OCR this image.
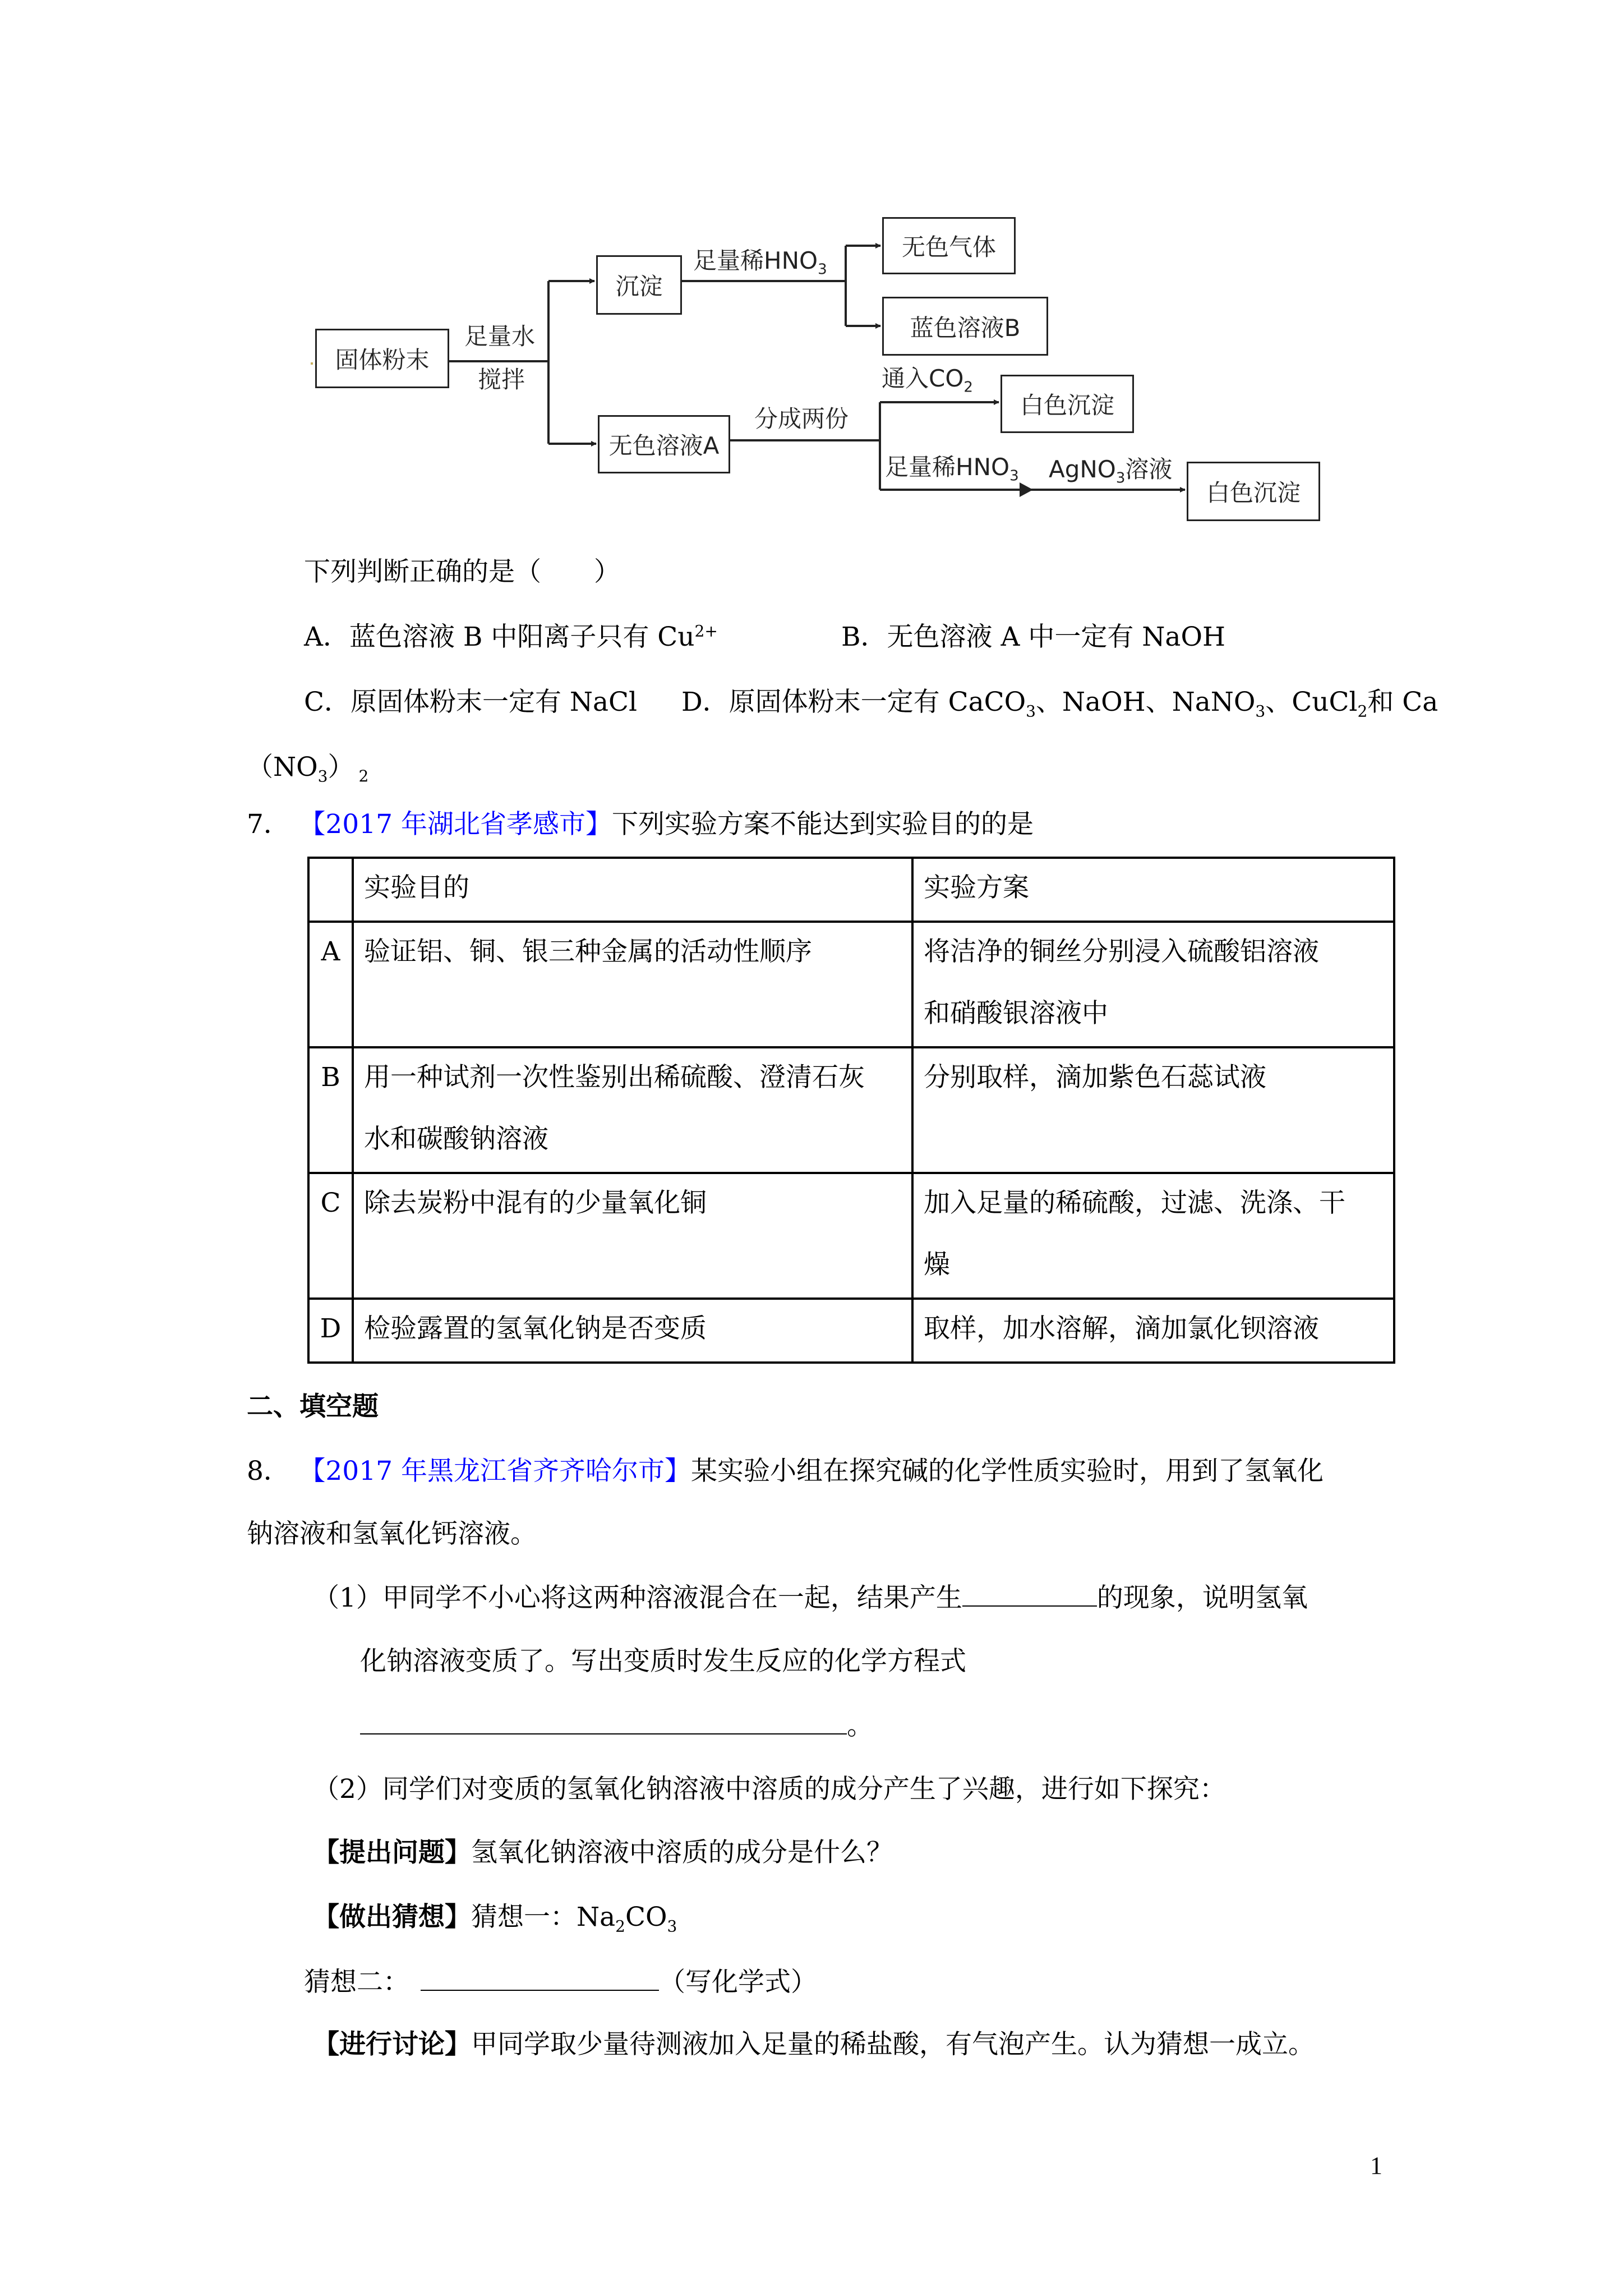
固体粉末
沉淀
无色溶液A
无色气体
蓝色溶液B
白色沉淀
白色沉淀
足量水
搅拌
足量稀$HNO_3$
分成两份
通入$CO_2$
足量稀$HNO_3$ AgNO$_3$溶液
下列判断正确的是（　　）
A．蓝色溶液 B 中阳离子只有 $Cu^{2+}$	B．无色溶液 A 中一定有 NaOH
C．原固体粉末一定有 NaCl D．原固体粉末一定有 CaCO$_3$、NaOH、NaNO$_3$、CuCl$_2$和 Ca
$(NO_3)$ $_2$
7． 【2017 年湖北省孝感市】下列实验方案不能达到实验目的的是

	实验目的	实验方案

A	验证铝、铜、银三种金属的活动性顺序	将洁净的铜丝分别浸入硫酸铝溶液
和硝酸银溶液中

B	用一种试剂一次性鉴别出稀硫酸、澄清石灰
水和碳酸钠溶液	分别取样，滴加紫色石蕊试液

C	除去炭粉中混有的少量氧化铜	加入足量的稀硫酸，过滤、洗涤、干
燥

D	检验露置的氢氧化钠是否变质	取样，加水溶解，滴加氯化钡溶液
二、填空题
8． 【2017 年黑龙江省齐齐哈尔市】某实验小组在探究碱的化学性质实验时，用到了氢氧化
钠溶液和氢氧化钙溶液。
（1）甲同学不小心将这两种溶液混合在一起，结果产生	的现象，说明氢氧
化钠溶液变质了。写出变质时发生反应的化学方程式
。
（2）同学们对变质的氢氧化钠溶液中溶质的成分产生了兴趣，进行如下探究：
【提出问题】氢氧化钠溶液中溶质的成分是什么？
【做出猜想】猜想一：$Na_2CO_3$
猜想二：	（写化学式）
【进行讨论】甲同学取少量待测液加入足量的稀盐酸，有气泡产生。认为猜想一成立。
1
